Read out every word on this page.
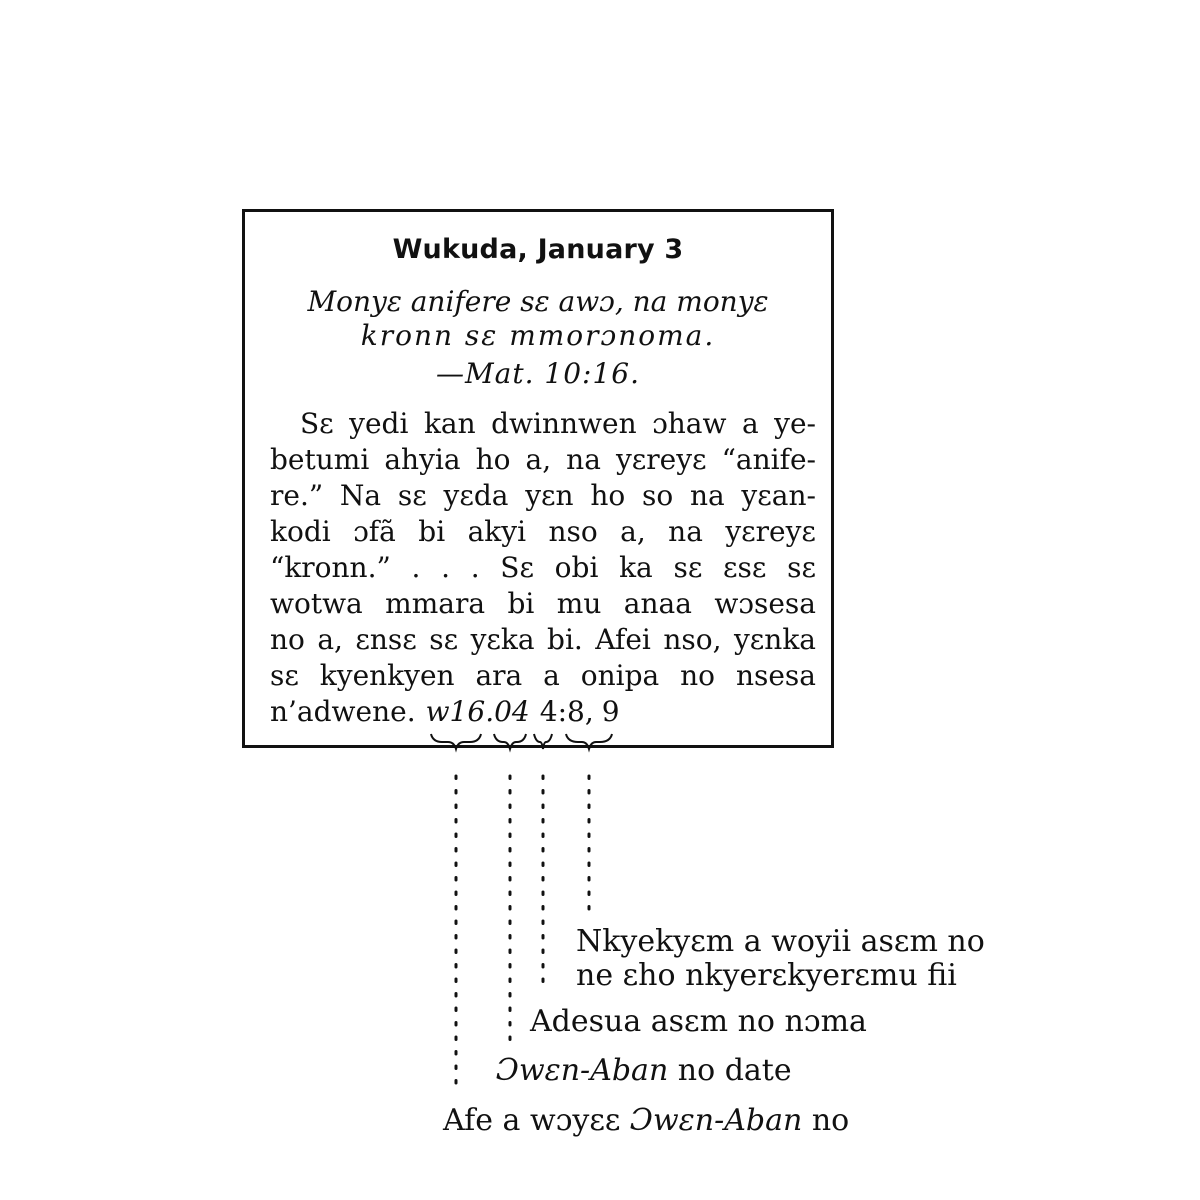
Wukuda, January 3
Monyɛ anifere sɛ awɔ, na monyɛ
kronn sɛ mmorɔnoma.
—Mat. 10:16.
Sɛ yedi kan dwinnwen ɔhaw a ye-
betumi ahyia ho a, na yɛreyɛ “anife-
re.” Na sɛ yɛda yɛn ho so na yɛan-
kodi ɔfã bi akyi nso a, na yɛreyɛ
“kronn.” . . . Sɛ obi ka sɛ ɛsɛ sɛ
wotwa mmara bi mu anaa wɔsesa
no a, ɛnsɛ sɛ yɛka bi. Afei nso, yɛnka
sɛ kyenkyen ara a onipa no nsesa
n’adwene. w16.04 4:8, 9
Nkyekyɛm a woyii asɛm no
ne ɛho nkyerɛkyerɛmu fii
Adesua asɛm no nɔma
Ɔwɛn-Aban no date
Afe a wɔyɛɛ Ɔwɛn-Aban no
